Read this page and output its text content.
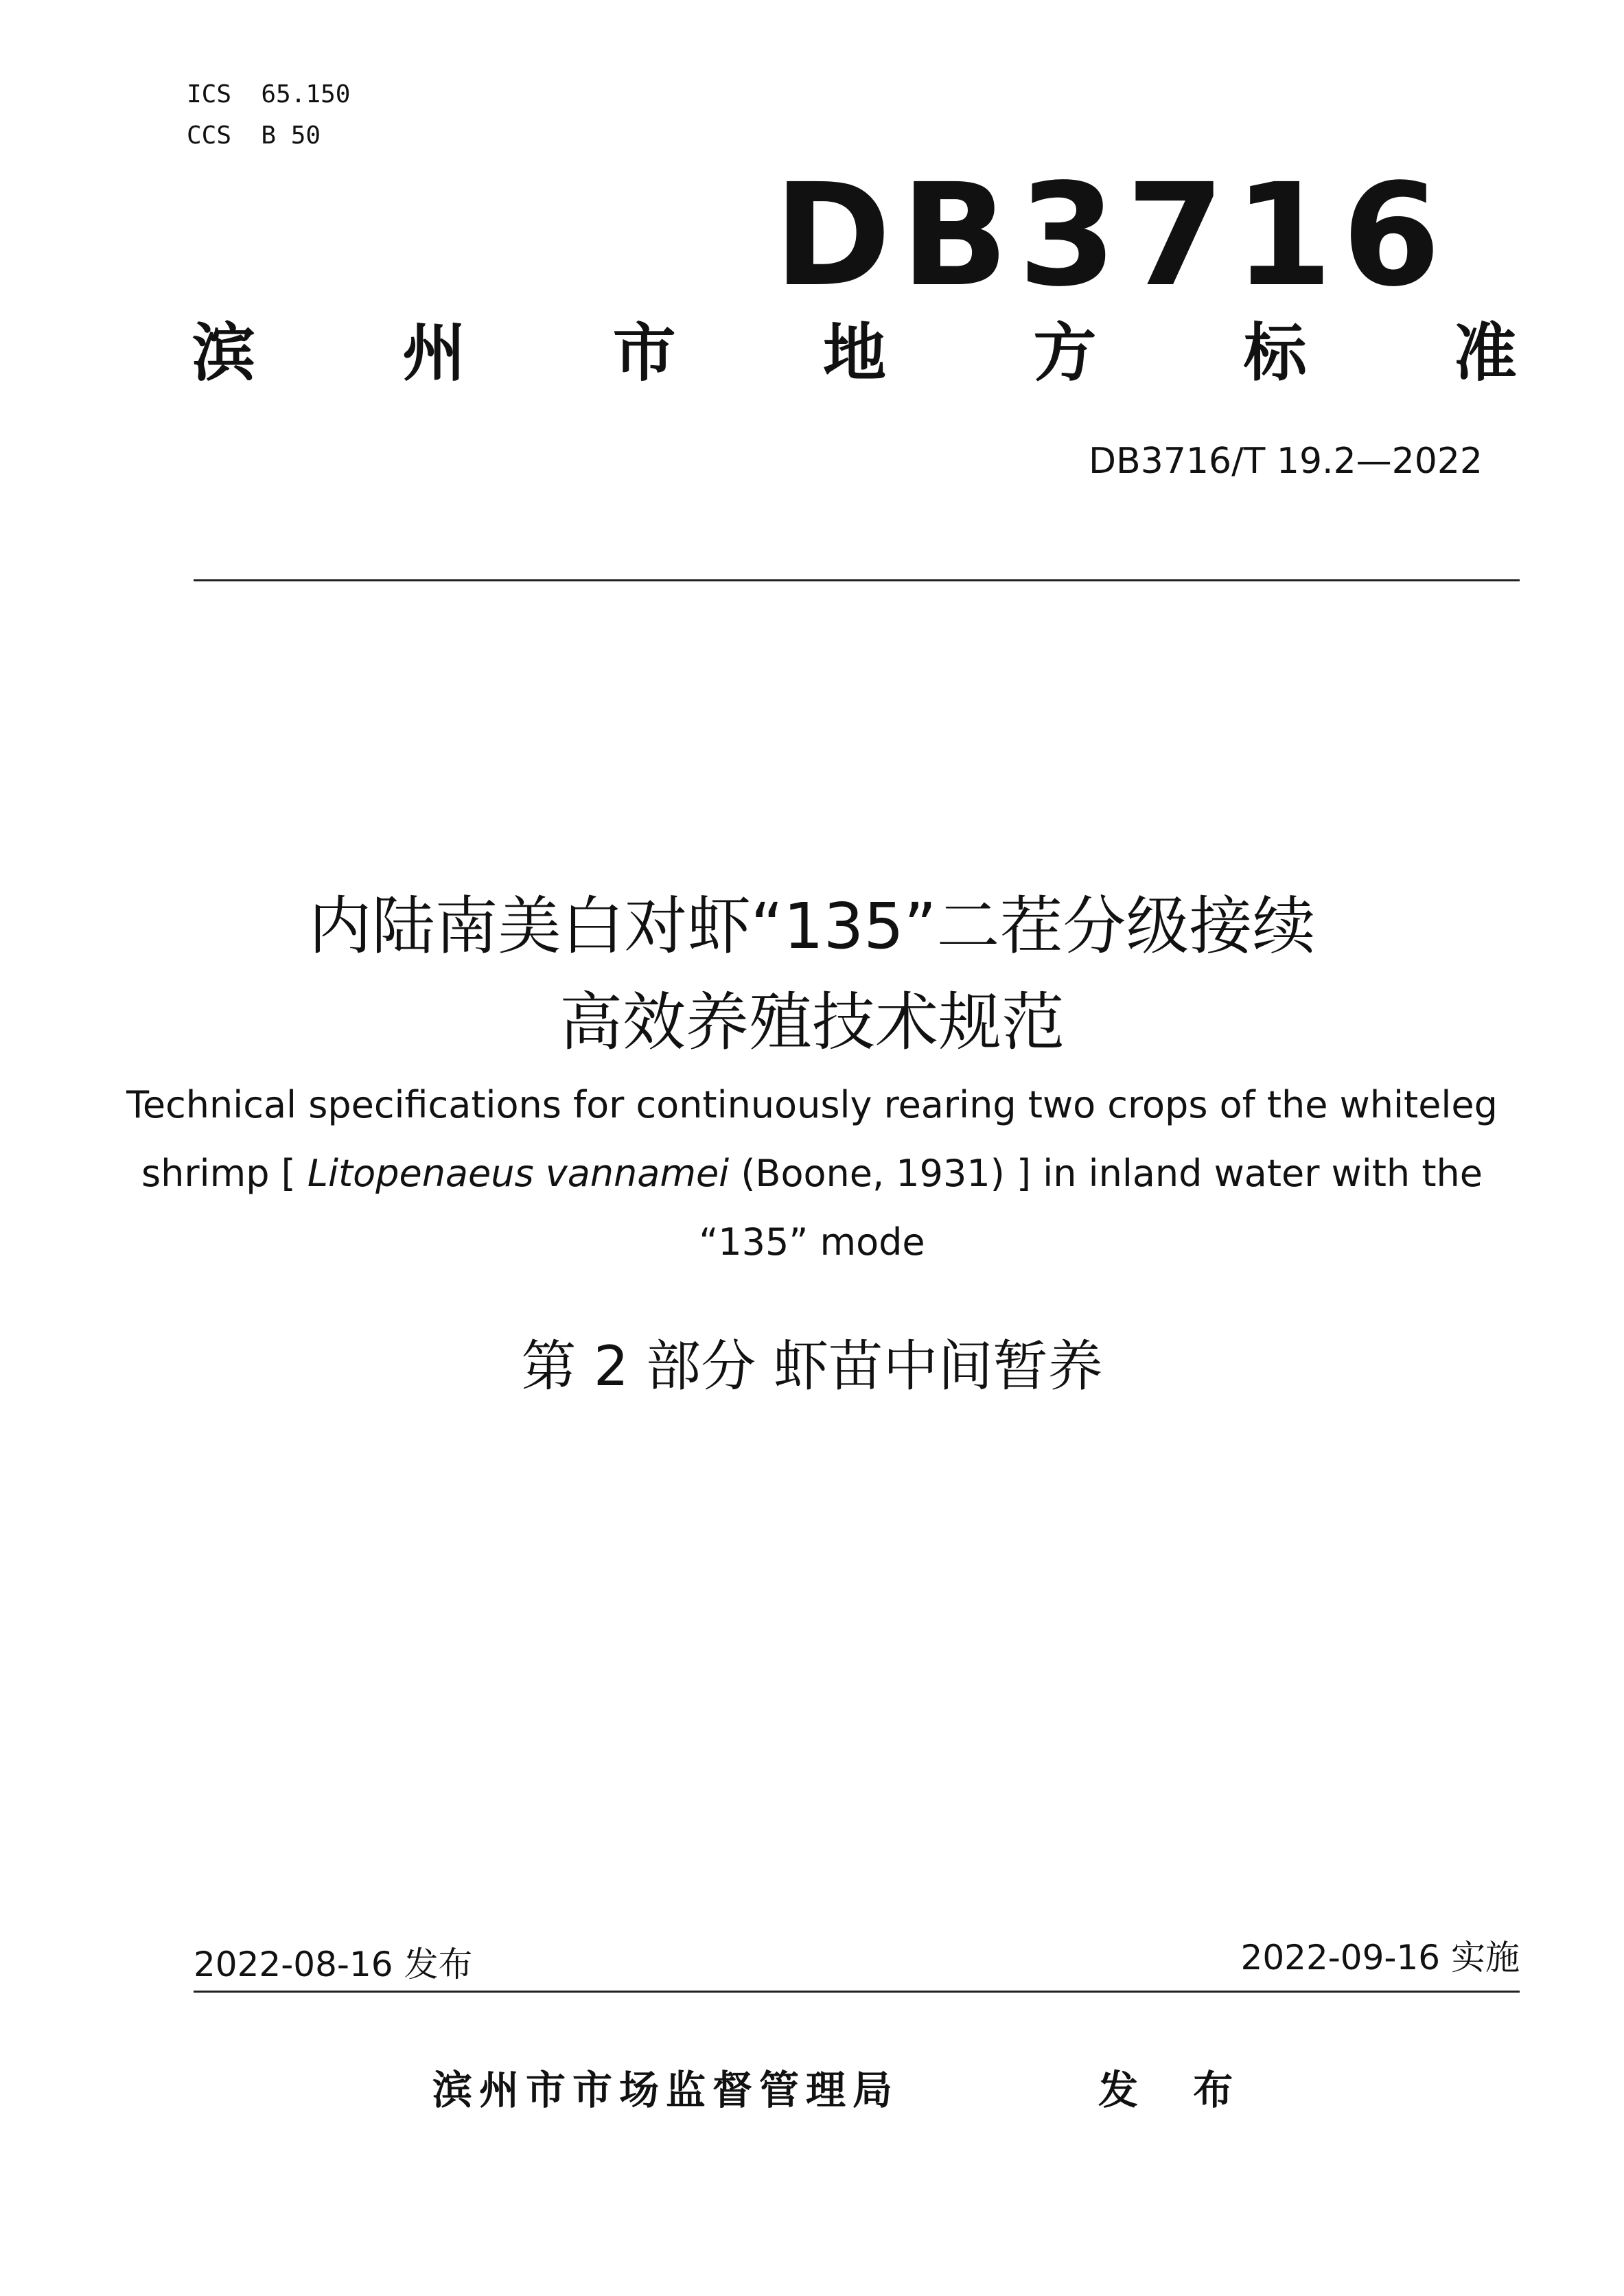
ICS  65.150
CCS  B 50
DB3716
滨 州 市 地 方 标 准
DB3716/T 19.2—2022
内陆南美白对虾“135”二茬分级接续
高效养殖技术规范
Technical specifications for continuously rearing two crops of the whiteleg
shrimp [ Litopenaeus vannamei (Boone, 1931) ] in inland water with the
“135” mode
第 2 部分 虾苗中间暂养
2022-08-16 发布	2022-09-16 实施
滨州市市场监督管理局	发 布
